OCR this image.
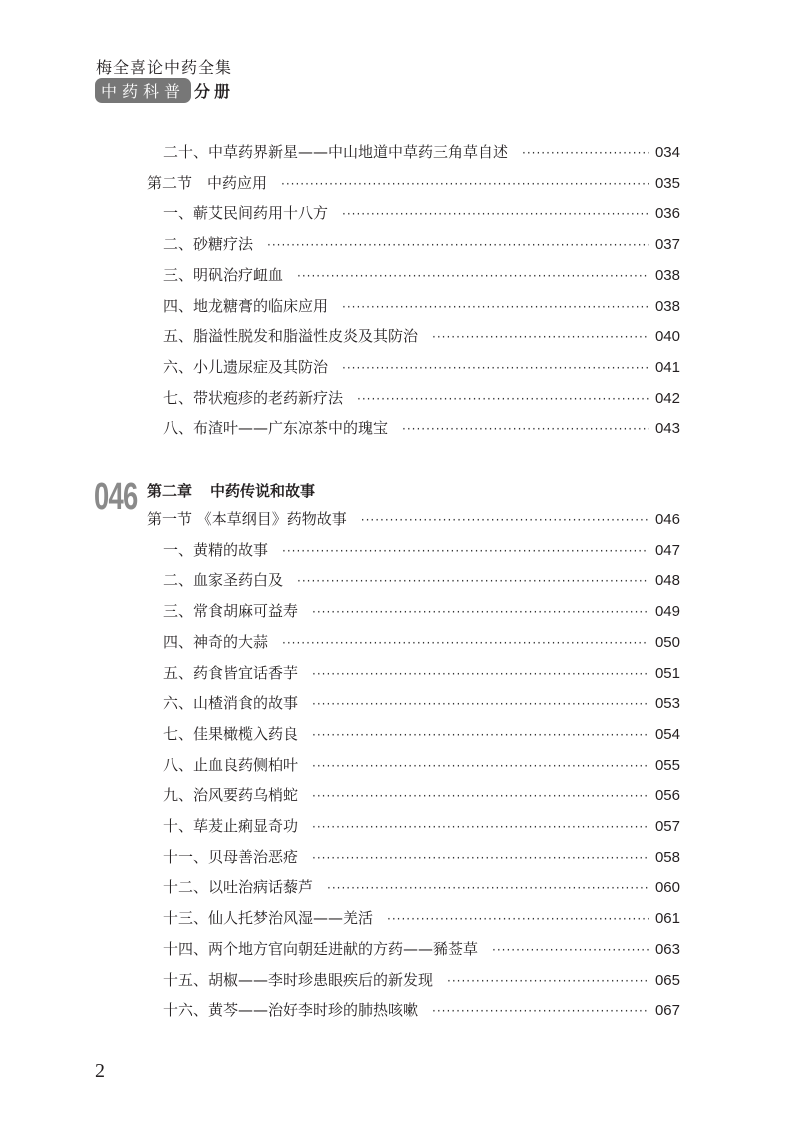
梅全喜论中药全集
中药科普 分册
二十、中草药界新星——中山地道中草药三角草自述 ·····	034
第二节　中药应用 ·····	035
一、蕲艾民间药用十八方 ·····	036
二、砂糖疗法 ·····	037
三、明矾治疗衄血 ·····	038
四、地龙糖膏的临床应用 ·····	038
五、脂溢性脱发和脂溢性皮炎及其防治 ·····	040
六、小儿遗尿症及其防治 ·····	041
七、带状疱疹的老药新疗法 ·····	042
八、布渣叶——广东凉茶中的瑰宝 ·····	043
046 第二章 中药传说和故事
第一节 《本草纲目》药物故事 ·····	046
一、黄精的故事 ·····	047
二、血家圣药白及 ·····	048
三、常食胡麻可益寿 ·····	049
四、神奇的大蒜 ·····	050
五、药食皆宜话香芋 ·····	051
六、山楂消食的故事 ·····	053
七、佳果橄榄入药良 ·····	054
八、止血良药侧柏叶 ·····	055
九、治风要药乌梢蛇 ·····	056
十、荜茇止痢显奇功 ·····	057
十一、贝母善治恶疮 ·····	058
十二、以吐治病话藜芦 ·····	060
十三、仙人托梦治风湿——羌活 ·····	061
十四、两个地方官向朝廷进献的方药——豨莶草 ·····	063
十五、胡椒——李时珍患眼疾后的新发现 ·····	065
十六、黄芩——治好李时珍的肺热咳嗽 ·····	067
2
